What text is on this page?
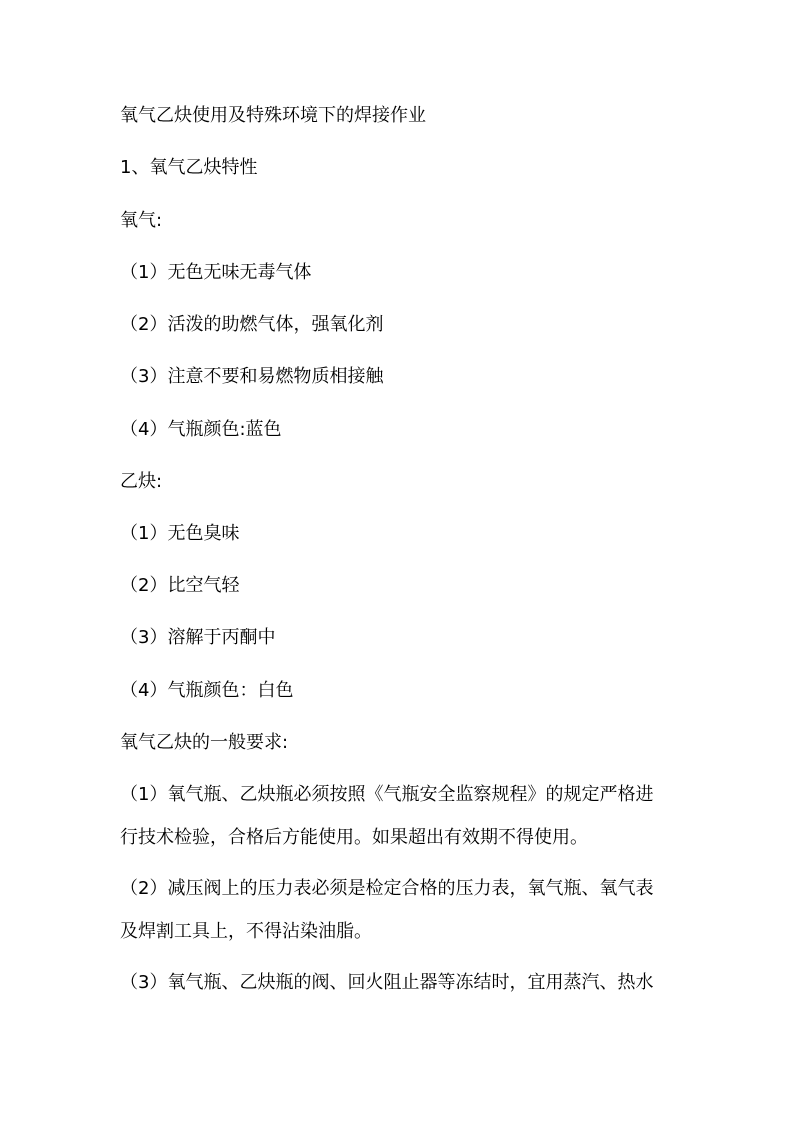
氧气乙炔使用及特殊环境下的焊接作业
1、氧气乙炔特性
氧气:
（1）无色无味无毒气体
（2）活泼的助燃气体，强氧化剂
（3）注意不要和易燃物质相接触
（4）气瓶颜色:蓝色
乙炔:
（1）无色臭味
（2）比空气轻
（3）溶解于丙酮中
（4）气瓶颜色：白色
氧气乙炔的一般要求:
（1）氧气瓶、乙炔瓶必须按照《气瓶安全监察规程》的规定严格进
行技术检验，合格后方能使用。如果超出有效期不得使用。
（2）减压阀上的压力表必须是检定合格的压力表，氧气瓶、氧气表
及焊割工具上，不得沾染油脂。
（3）氧气瓶、乙炔瓶的阀、回火阻止器等冻结时，宜用蒸汽、热水
